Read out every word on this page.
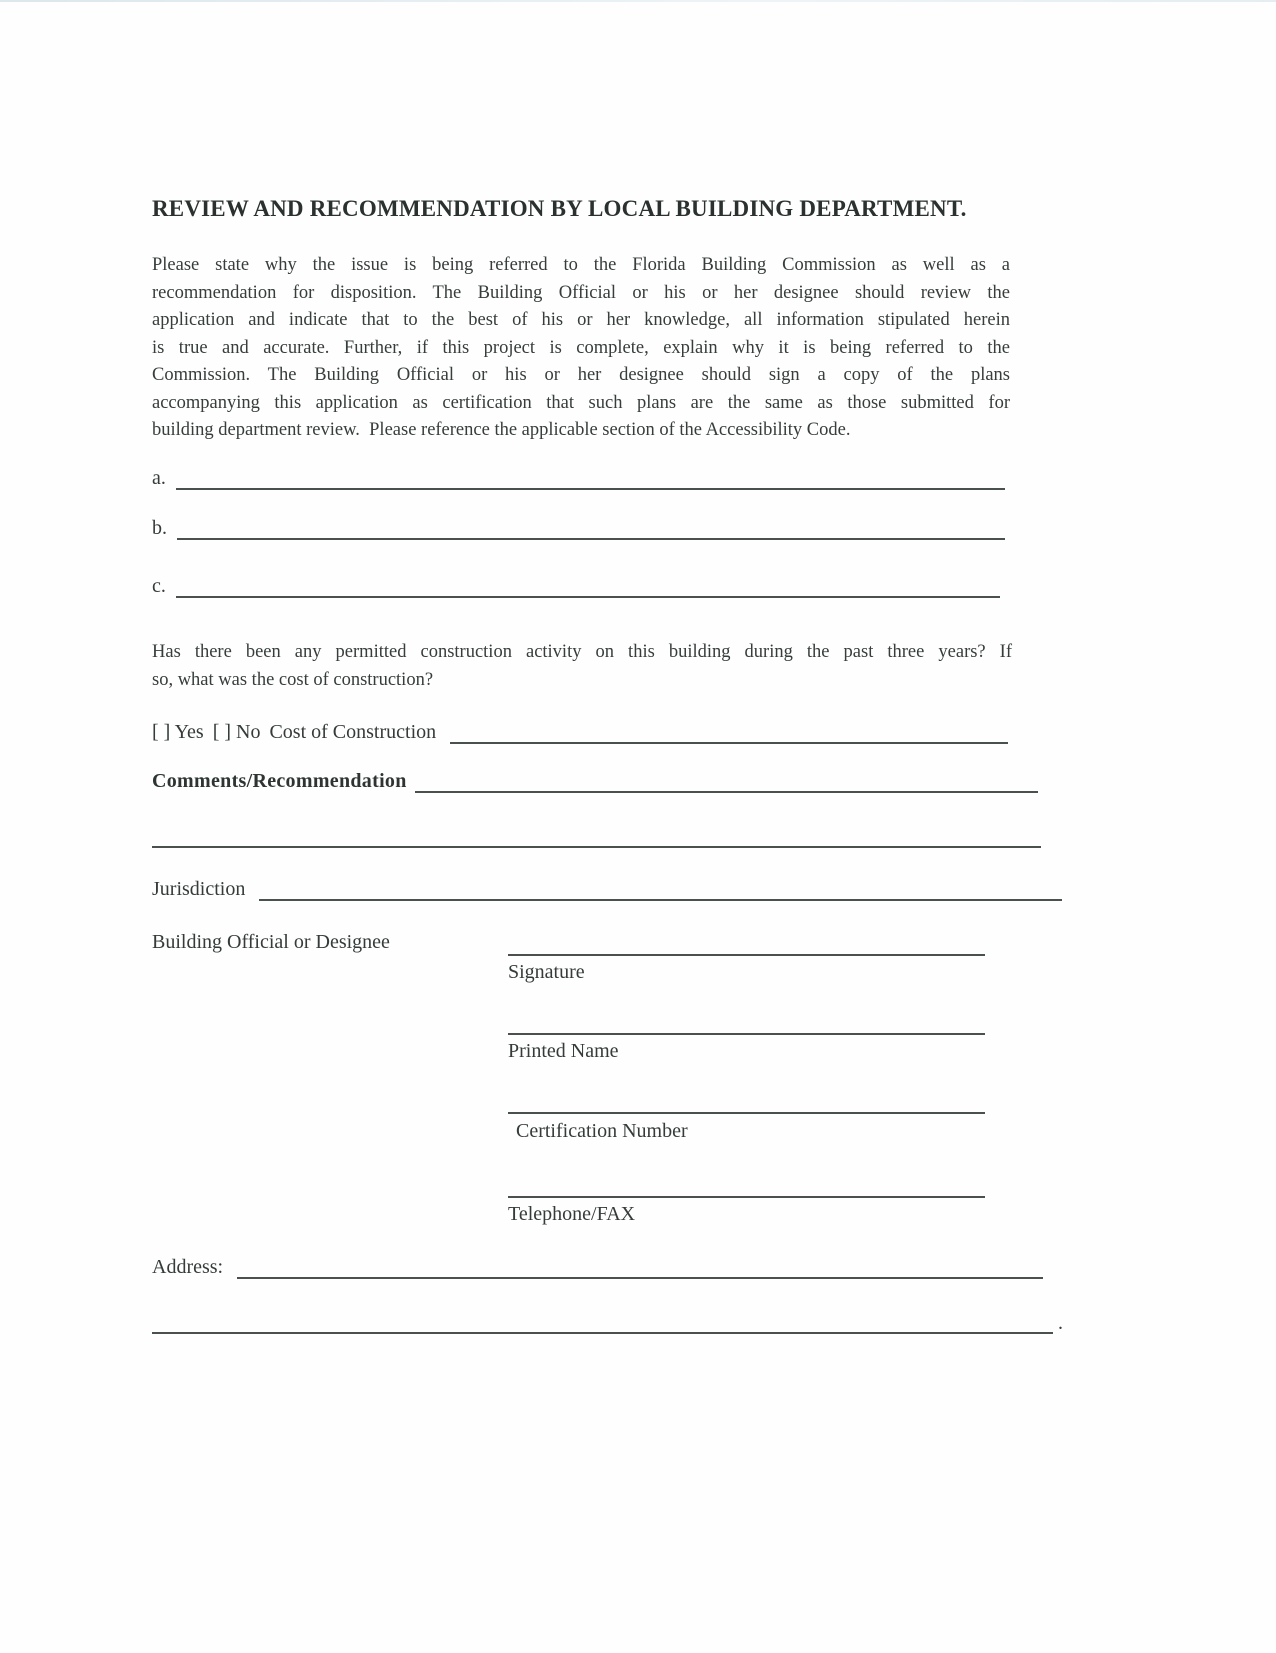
REVIEW AND RECOMMENDATION BY LOCAL BUILDING DEPARTMENT.
Please state why the issue is being referred to the Florida Building Commission as well as a
recommendation for disposition. The Building Official or his or her designee should review the
application and indicate that to the best of his or her knowledge, all information stipulated herein
is true and accurate. Further, if this project is complete, explain why it is being referred to the
Commission. The Building Official or his or her designee should sign a copy of the plans
accompanying this application as certification that such plans are the same as those submitted for
building department review.  Please reference the applicable section of the Accessibility Code.
a.
b.
c.
Has there been any permitted construction activity on this building during the past three years? If
so, what was the cost of construction?
[ ] Yes [ ] No Cost of Construction
Comments/Recommendation
Jurisdiction
Building Official or Designee
Signature
Printed Name
Certification Number
Telephone/FAX
Address:
.
